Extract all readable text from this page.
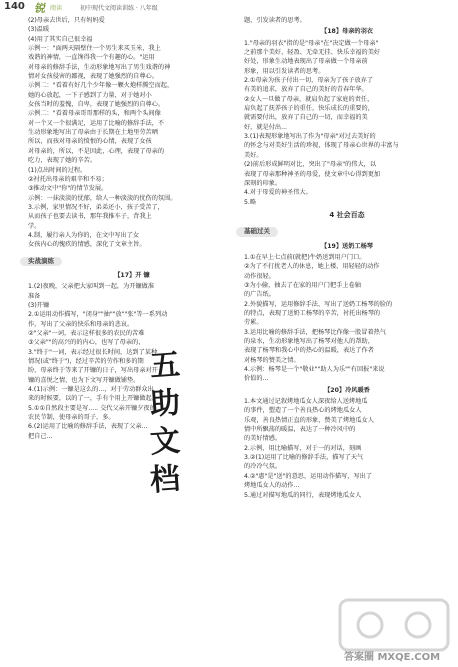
140 锐 阅读	初中现代文阅读训练 · 八年级
(2)母亲去世后，只有妈妈爱
(3)温暖
(4)用了其实自己很幸福
示例一："面两天隔壁住一个男生来买玉米，我上
戏谐的神情，一直馋得我一个有趣的心。"运用
对母亲的修辞手法，生动形象地写出了男生戏谐的神
情对女孩侵害的鄙视，表现了她强烈的自尊心。
示例二："看着有好几个少年像一颗火炮样腾空而起，
她的心放起，一下子感到了力量，对于她对小
女孩当时的羞愧，自卑，表现了她强烈的自尊心。
示例二："看着母亲哥哥那样的头，和两个头间像
对一个又一个很满足，运用了比喻的修辞手法，不
生动形象地写出了母亲由于长期在土地里劳苦晒
所以，而孩对母亲的愤恨的心情，表现了女孩
对母亲的，所以，不是因此，心理，表现了母亲的
吃力，表现了她的辛苦。
(1)点出时间的过程。
②衬托出母亲的艰辛和不易；
③推动文中"你"的情节发展。
示例：一抹淡淡的忧郁，给人一种淡淡的忧伤的氛围。
3.示例，家里情况不好，弟弟还小，孩子受苦了，
从而孩子也要去读书，那年我推车子，背我上
学。
4.制，履行亲人为你的，在文中写出了女
女孩内心的愧疚的情感，深化了文章主旨。
实战演练
【17】开 镰
1.(2)夜晚，父亲把大家叫到一起，为开镰做准
准备
(3)开镰
2.①运用动作描写，"闭身""抽""放""张"等一系列动
作，写出了父亲的快乐和母亲的悲哀。
②"父亲"一词，表示这样很多的农民的苦难
③父亲""的高兴的的内心，也写了母亲的，
3."终于"一词，表示经过很长时间，达到了某种
情况(或"终于")，经过辛苦的劳作和多的期
盼，母亲终于等来了开镰的日子，写出母亲对开
镰的喜悦之情，也为下文写开镰做铺垫。
4.(1)示例：一镰是这么的...，对于劳动群众出
来的时候要，以的了一，手有个用上开镰做起。
5.①①自然段主要是写..... 交代父亲开镰夕夜的
农民节制，使母亲的哥子，多。
6.(2)运用了比喻的修辞手法，表现了父亲...
把自己...
题，引发读者的思考。
【18】母亲的羽衣
1."母亲的羽衣"指的是"母亲"在"决定做一个母亲"
之前那个美好、轻盈、无牵无挂、快乐幸福的美好
好处，形象生动地表现出了母亲做一个母亲前
形象，用以引发读者的思考。
2.①母亲为孩子付出一切，母亲为了孩子放弃了
有美的追求，放弃了自己的美好的青春年华。
②女人一旦做了母亲，就肩负起了家庭的责任，
肩负起了抚养孩子的重任，快乐成长的重要的，
就需要付出，放弃了自己的一切，而幸福的美
好，就是付出...
3.(1)表现形象地写出了作为"母亲"对过去美好的
的怀念与对美好生活的珍视，体现了母亲心世界的丰富与
美好。
(2)前后形成鲜明对比，突出了"母亲"的伟大，以
表现了母亲那种神圣的母爱，使文章中心得到更加
深刻的印象。
4.对于母爱的神圣伟大。
5.略
4 社会百态
基础过关
【19】送奶工杨琴
1.①在早上七点前(就把)牛奶送到用户门口。
②为了不打扰老人的休息，她上楼，用轻轻的动作
动作很轻。
③为小偷，抽去了在家的用户门把手上卷轴
的广告纸。
2.外貌描写，运用修辞手法，写出了送奶工杨琴的脸的
的特点，表现了送奶工杨琴的辛苦，衬托出杨琴的
劳累。
3.运用比喻的修辞手法，把杨琴比作像一股冒着热气
的泉水，生动形象地写出了杨琴对他人的帮助，
表现了杨琴和我心中的热心的温暖，表达了作者
对杨琴的赞美之情。
4.示例：杨琴是一个"敬业""助人为乐""有回报"来说
价值的...
【20】冷风暖香
1.本文通过记叙烤地瓜女人深夜给人送烤地瓜
的事件，塑造了一个善良热心的烤地瓜女人
乐观，善良热情正直的形象，赞美了烤地瓜女人
情中所飘荡的暖温，表达了一种冷风中的
的美好情感。
2.示例，用比喻描写，对于一的对话，刻画
3.②(1)运用了比喻的修辞手法，描写了天气
的冷冷气氛。
4.②"惠"是"送"的意思，运用动作描写，写出了
烤地瓜女人的动作...
5.通过对描写地瓜的同行，表现烤地瓜女人
五
助
文
档
答案圈 MXQE.COM
